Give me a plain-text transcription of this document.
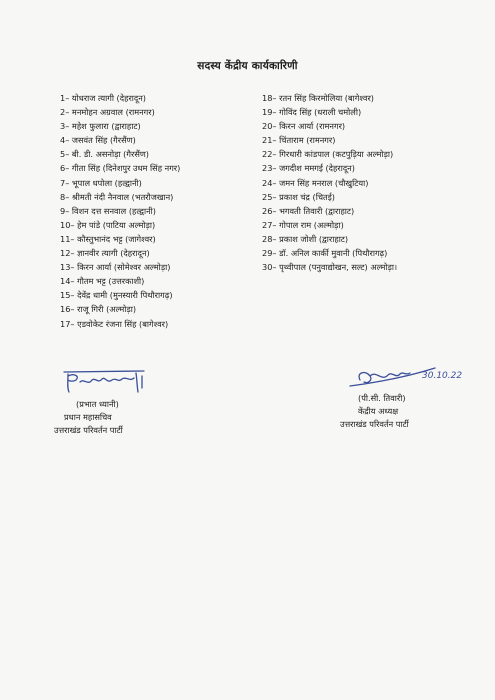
सदस्य केंद्रीय कार्यकारिणी
1– योधराज त्यागी (देहरादून)
2– मनमोहन अग्रवाल (रामनगर)
3– महेश फुलारा (द्वाराहाट)
4– जसवंत सिंह (गैरसैंण)
5– बी. डी. असनोड़ा (गैरसैंण)
6– गीता सिंह (दिनेशपुर उधम सिंह नगर)
7– भूपाल धपोला (हल्द्वानी)
8– श्रीमती नंदी नैनवाल (भतरौजखान)
9– विशन दत्त सनवाल (हल्द्वानी)
10– हेम पांडे (पाटिया अल्मोड़ा)
11– कौस्तुभानंद भट्ट (जागेश्वर)
12– ज्ञानवीर त्यागी (देहरादून)
13– किरन आर्या (सोमेश्वर अल्मोड़ा)
14– गौतम भट्ट (उत्तरकाशी)
15– देवेंद्र धामी (मुनस्यारी पिथौरागढ़)
16– राजू गिरी (अल्मोड़ा)
17– एडवोकेट रंजना सिंह (बागेश्वर)
18– रतन सिंह किरमोलिया (बागेश्वर)
19– गोविंद सिंह (धराली चमोली)
20– किरन आर्या (रामनगर)
21– चिंताराम (रामनगर)
22– गिरधारी कांडपाल (कटपुड़िया अल्मोड़ा)
23– जगदीश ममगई (देहरादून)
24– जमन सिंह मनराल (चौखुटिया)
25– प्रकाश चंद्र (चितई)
26– भगवती तिवारी (द्वाराहाट)
27– गोपाल राम (अल्मोड़ा)
28– प्रकाश जोशी (द्वाराहाट)
29– डॉ. अनिल कार्की मुवानी (पिथौरागढ़)
30– पृथ्वीपाल (पनुवाद्योखन, सल्ट) अल्मोड़ा।
प्रभात ध्यानी
(प्रभात ध्यानी)
प्रधान महासचिव
उत्तराखंड परिवर्तन पार्टी
30.10.22
तिवारी
(पी.सी. तिवारी)
केंद्रीय अध्यक्ष
उत्तराखंड परिवर्तन पार्टी
